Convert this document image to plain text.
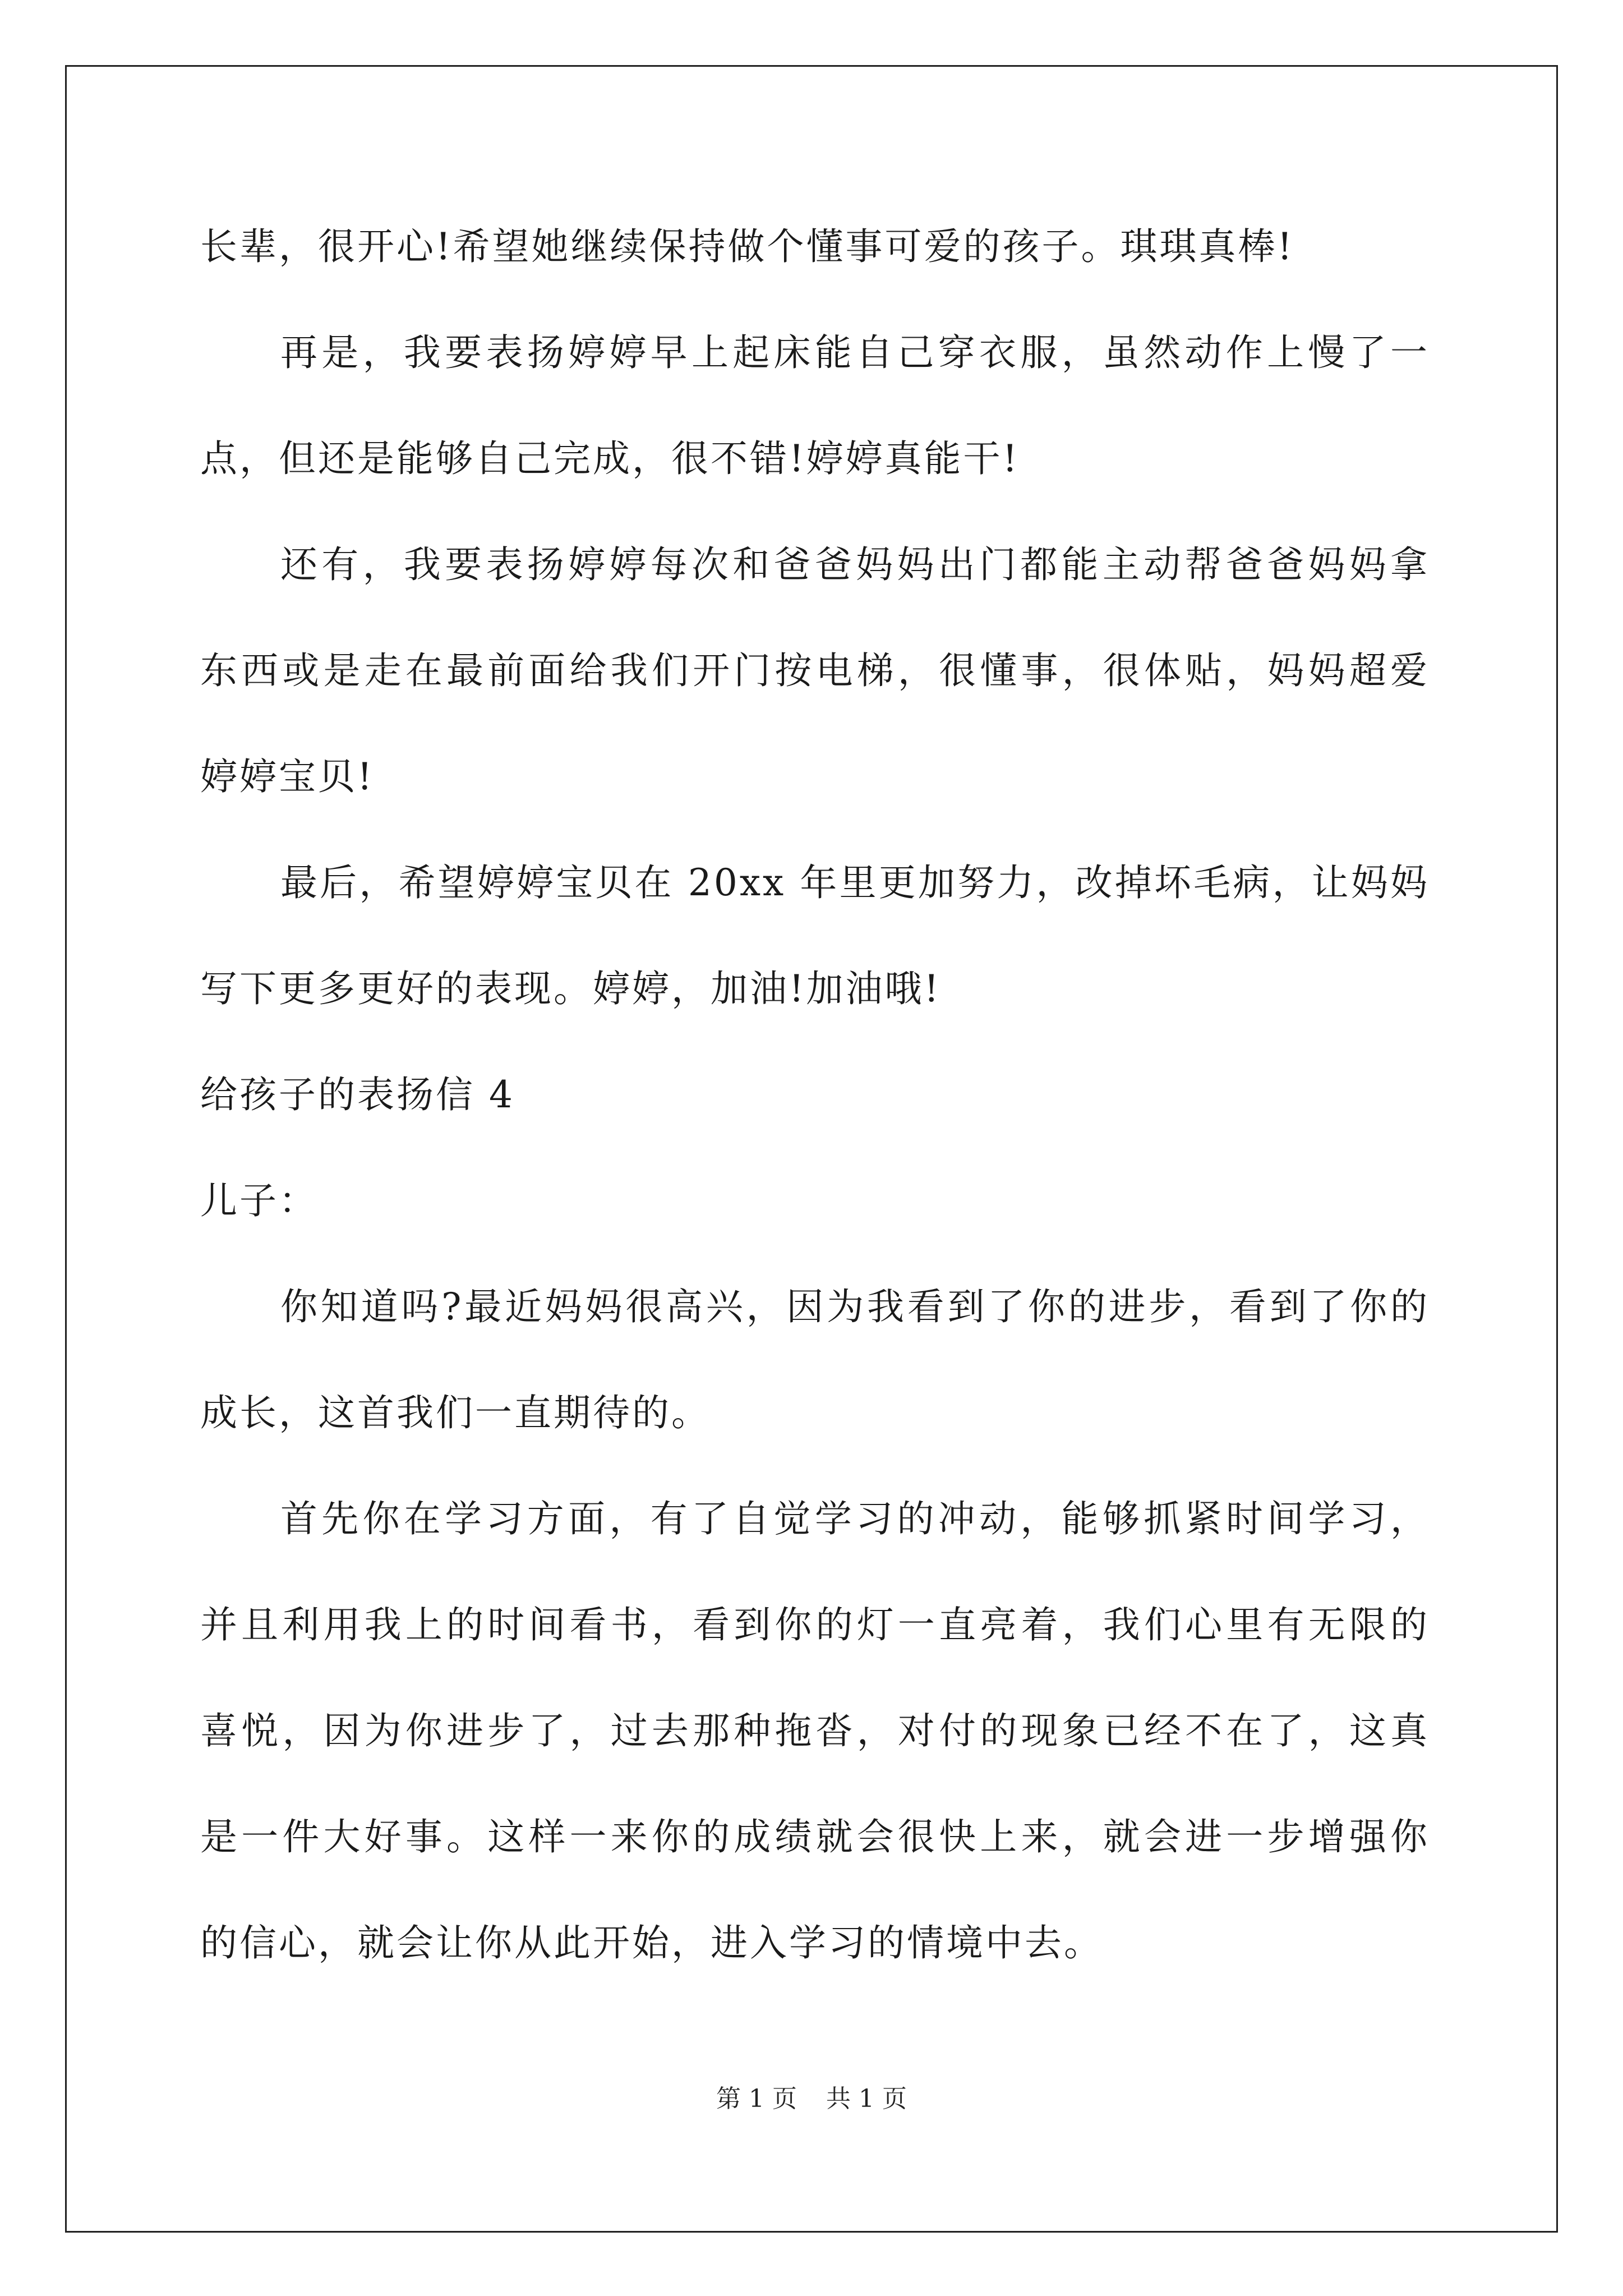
长辈，很开心!希望她继续保持做个懂事可爱的孩子。琪琪真棒!
再是，我要表扬婷婷早上起床能自己穿衣服，虽然动作上慢了一
点，但还是能够自己完成，很不错!婷婷真能干!
还有，我要表扬婷婷每次和爸爸妈妈出门都能主动帮爸爸妈妈拿
东西或是走在最前面给我们开门按电梯，很懂事，很体贴，妈妈超爱
婷婷宝贝!
最后，希望婷婷宝贝在 20xx 年里更加努力，改掉坏毛病，让妈妈
写下更多更好的表现。婷婷，加油!加油哦!
给孩子的表扬信 4
儿子：
你知道吗?最近妈妈很高兴，因为我看到了你的进步，看到了你的
成长，这首我们一直期待的。
首先你在学习方面，有了自觉学习的冲动，能够抓紧时间学习，
并且利用我上的时间看书，看到你的灯一直亮着，我们心里有无限的
喜悦，因为你进步了，过去那种拖沓，对付的现象已经不在了，这真
是一件大好事。这样一来你的成绩就会很快上来，就会进一步增强你
的信心，就会让你从此开始，进入学习的情境中去。
第 1 页 共 1 页
